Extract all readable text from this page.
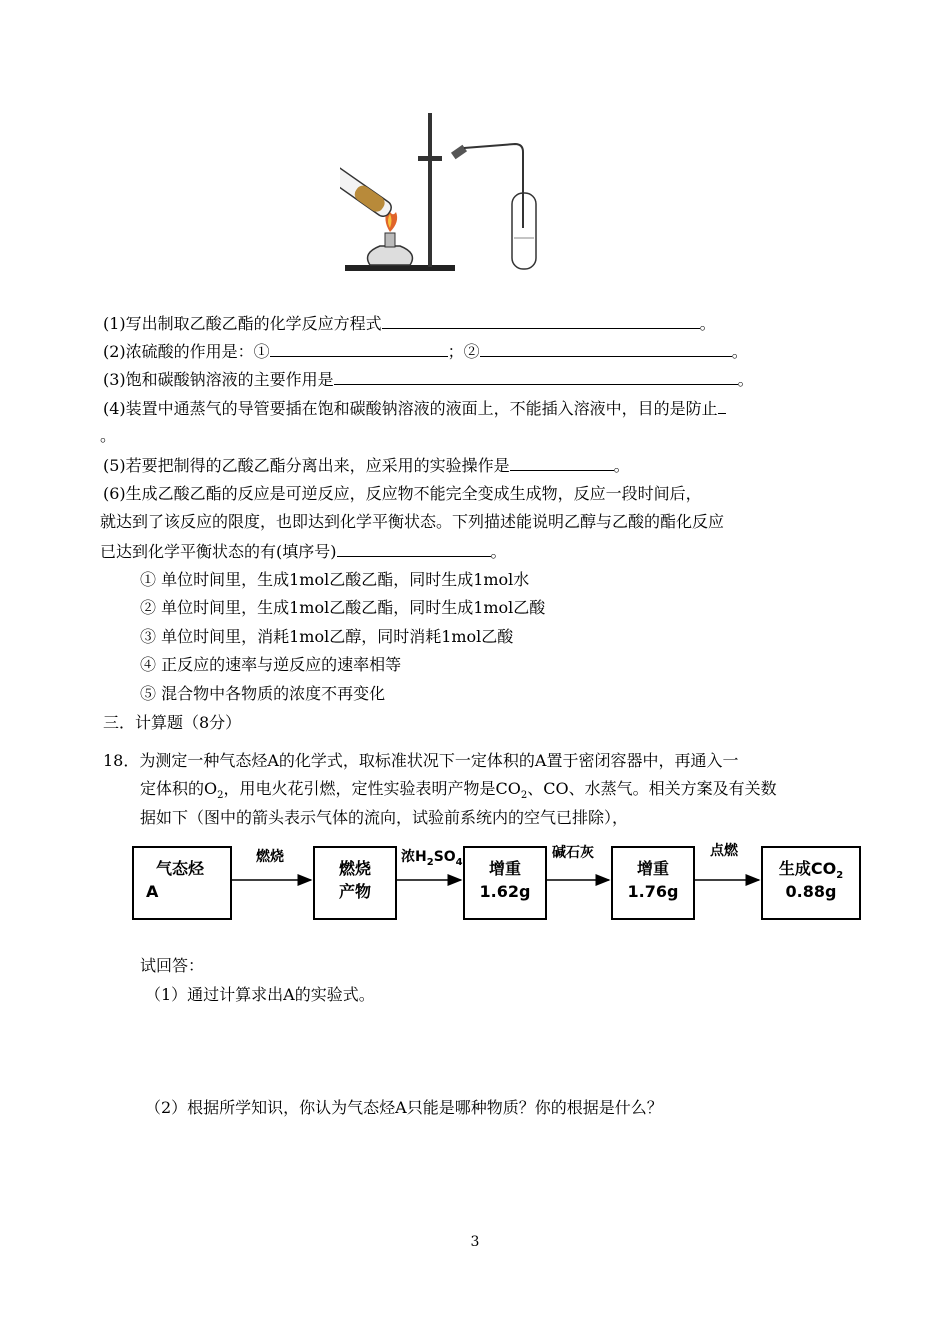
(1)写出制取乙酸乙酯的化学反应方程式	。
(2)浓硫酸的作用是：①	；②	。
(3)饱和碳酸钠溶液的主要作用是	。
(4)装置中通蒸气的导管要插在饱和碳酸钠溶液的液面上，不能插入溶液中，目的是防止
。
(5)若要把制得的乙酸乙酯分离出来，应采用的实验操作是	。
(6)生成乙酸乙酯的反应是可逆反应，反应物不能完全变成生成物，反应一段时间后，
就达到了该反应的限度，也即达到化学平衡状态。下列描述能说明乙醇与乙酸的酯化反应
已达到化学平衡状态的有(填序号)	。
① 单位时间里，生成1mol乙酸乙酯，同时生成1mol水
② 单位时间里，生成1mol乙酸乙酯，同时生成1mol乙酸
③ 单位时间里，消耗1mol乙醇，同时消耗1mol乙酸
④ 正反应的速率与逆反应的速率相等
⑤ 混合物中各物质的浓度不再变化
三．计算题（8分）
18．为测定一种气态烃A的化学式，取标准状况下一定体积的A置于密闭容器中，再通入一
定体积的$O_2$，用电火花引燃，定性实验表明产物是$CO_2$、CO、水蒸气。相关方案及有关数
据如下（图中的箭头表示气体的流向，试验前系统内的空气已排除），
气态烃
A
燃烧
产物
增重
1.62g
增重
1.76g
生成$CO_2$
0.88g
燃烧	浓$H_2SO_4$
碱石灰	点燃
试回答：
（1）通过计算求出A的实验式。
（2）根据所学知识，你认为气态烃A只能是哪种物质？你的根据是什么？
3
